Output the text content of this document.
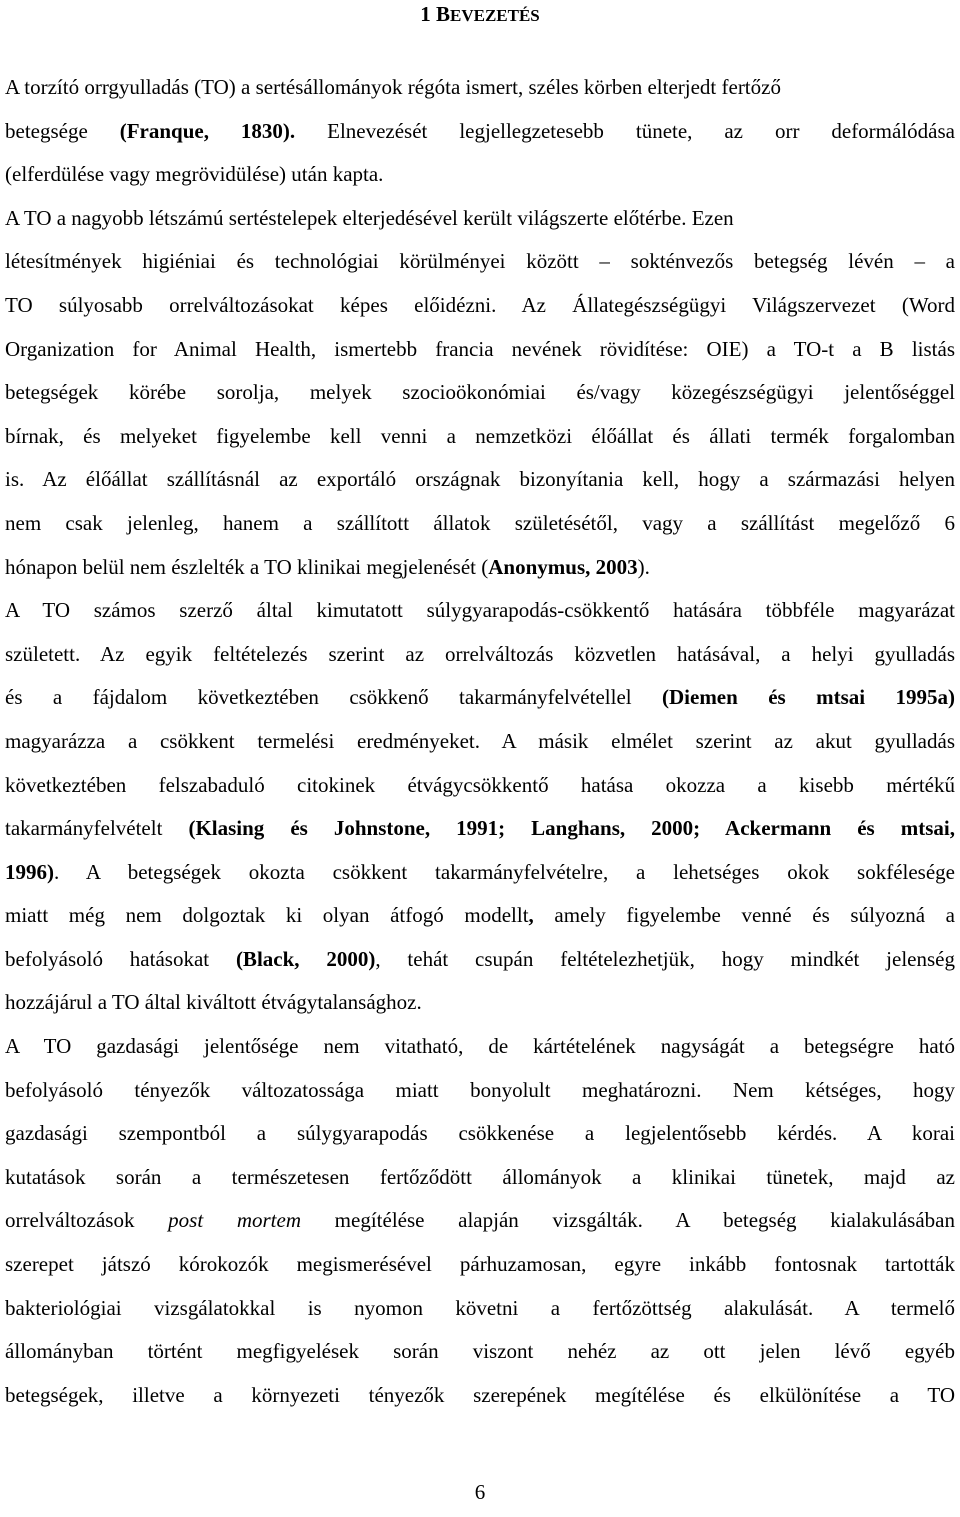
1 BEVEZETÉS
A torzító orrgyulladás (TO) a sertésállományok régóta ismert, széles körben elterjedt fertőző
betegsége (Franque, 1830). Elnevezését legjellegzetesebb tünete, az orr deformálódása
(elferdülése vagy megrövidülése) után kapta.
A TO a nagyobb létszámú sertéstelepek elterjedésével került világszerte előtérbe. Ezen
létesítmények higiéniai és technológiai körülményei között – sokténvezős betegség lévén – a
TO súlyosabb orrelváltozásokat képes előidézni. Az Állategészségügyi Világszervezet (Word
Organization for Animal Health, ismertebb francia nevének rövidítése: OIE) a TO-t a B listás
betegségek körébe sorolja, melyek szocioökonómiai és/vagy közegészségügyi jelentőséggel
bírnak, és melyeket figyelembe kell venni a nemzetközi élőállat és állati termék forgalomban
is. Az élőállat szállításnál az exportáló országnak bizonyítania kell, hogy a származási helyen
nem csak jelenleg, hanem a szállított állatok születésétől, vagy a szállítást megelőző 6
hónapon belül nem észlelték a TO klinikai megjelenését (Anonymus, 2003).
A TO számos szerző által kimutatott súlygyarapodás-csökkentő hatására többféle magyarázat
született. Az egyik feltételezés szerint az orrelváltozás közvetlen hatásával, a helyi gyulladás
és a fájdalom következtében csökkenő takarmányfelvétellel (Diemen és mtsai 1995a)
magyarázza a csökkent termelési eredményeket. A másik elmélet szerint az akut gyulladás
következtében felszabaduló citokinek étvágycsökkentő hatása okozza a kisebb mértékű
takarmányfelvételt (Klasing és Johnstone, 1991; Langhans, 2000; Ackermann és mtsai,
1996). A betegségek okozta csökkent takarmányfelvételre, a lehetséges okok sokfélesége
miatt még nem dolgoztak ki olyan átfogó modellt, amely figyelembe venné és súlyozná a
befolyásoló hatásokat (Black, 2000), tehát csupán feltételezhetjük, hogy mindkét jelenség
hozzájárul a TO által kiváltott étvágytalansághoz.
A TO gazdasági jelentősége nem vitatható, de kártételének nagyságát a betegségre ható
befolyásoló tényezők változatossága miatt bonyolult meghatározni. Nem kétséges, hogy
gazdasági szempontból a súlygyarapodás csökkenése a legjelentősebb kérdés. A korai
kutatások során a természetesen fertőződött állományok a klinikai tünetek, majd az
orrelváltozások post mortem megítélése alapján vizsgálták. A betegség kialakulásában
szerepet játszó kórokozók megismerésével párhuzamosan, egyre inkább fontosnak tartották
bakteriológiai vizsgálatokkal is nyomon követni a fertőzöttség alakulását. A termelő
állományban történt megfigyelések során viszont nehéz az ott jelen lévő egyéb
betegségek, illetve a környezeti tényezők szerepének megítélése és elkülönítése a TO
6
